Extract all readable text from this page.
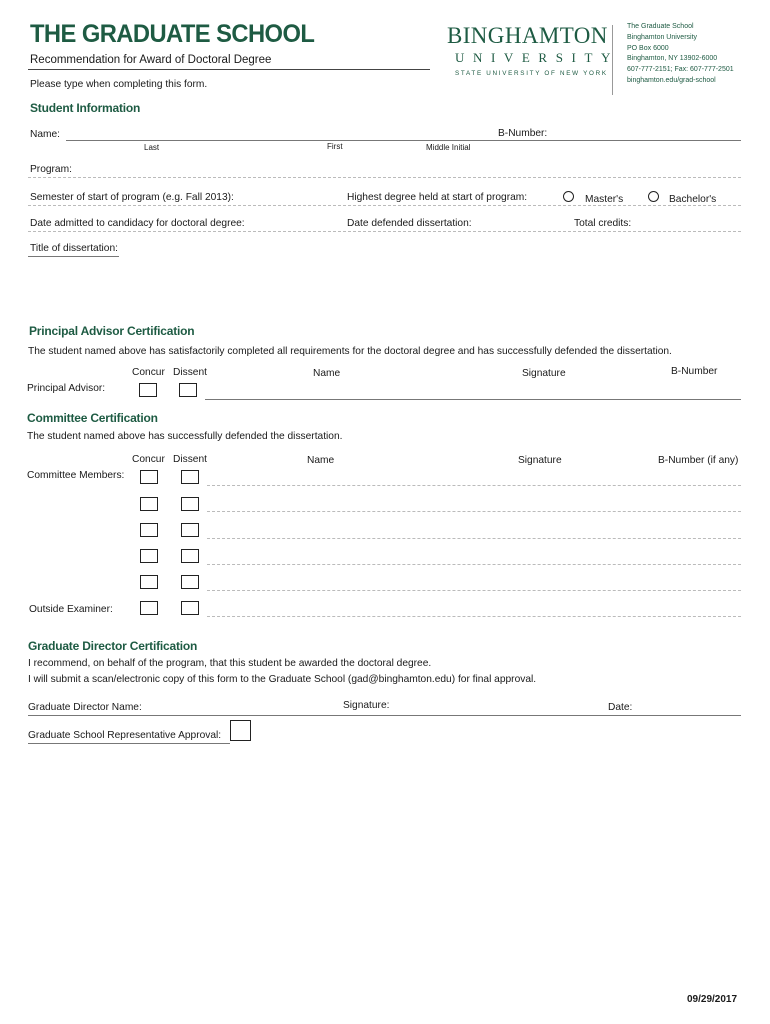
THE GRADUATE SCHOOL
Recommendation for Award of Doctoral Degree
Please type when completing this form.
BINGHAMTON
UNIVERSITY
STATE UNIVERSITY OF NEW YORK
The Graduate School
Binghamton University
PO Box 6000
Binghamton, NY 13902-6000
607-777-2151; Fax: 607-777-2501
binghamton.edu/grad-school
Student Information
Name:	B-Number:
Last	First	Middle Initial
Program:
Semester of start of program (e.g. Fall 2013):	Highest degree held at start of program:	Master's	Bachelor's
Date admitted to candidacy for doctoral degree:	Date defended dissertation:	Total credits:
Title of dissertation:
Principal Advisor Certification
The student named above has satisfactorily completed all requirements for the doctoral degree and has successfully defended the dissertation.
Concur Dissent	Name	Signature	B-Number
Principal Advisor:
Committee Certification
The student named above has successfully defended the dissertation.
Concur Dissent	Name	Signature	B-Number (if any)
Committee Members:
Outside Examiner:
Graduate Director Certification
I recommend, on behalf of the program, that this student be awarded the doctoral degree.
I will submit a scan/electronic copy of this form to the Graduate School (gad@binghamton.edu) for final approval.
Graduate Director Name:	Signature:	Date:
Graduate School Representative Approval:
09/29/2017
